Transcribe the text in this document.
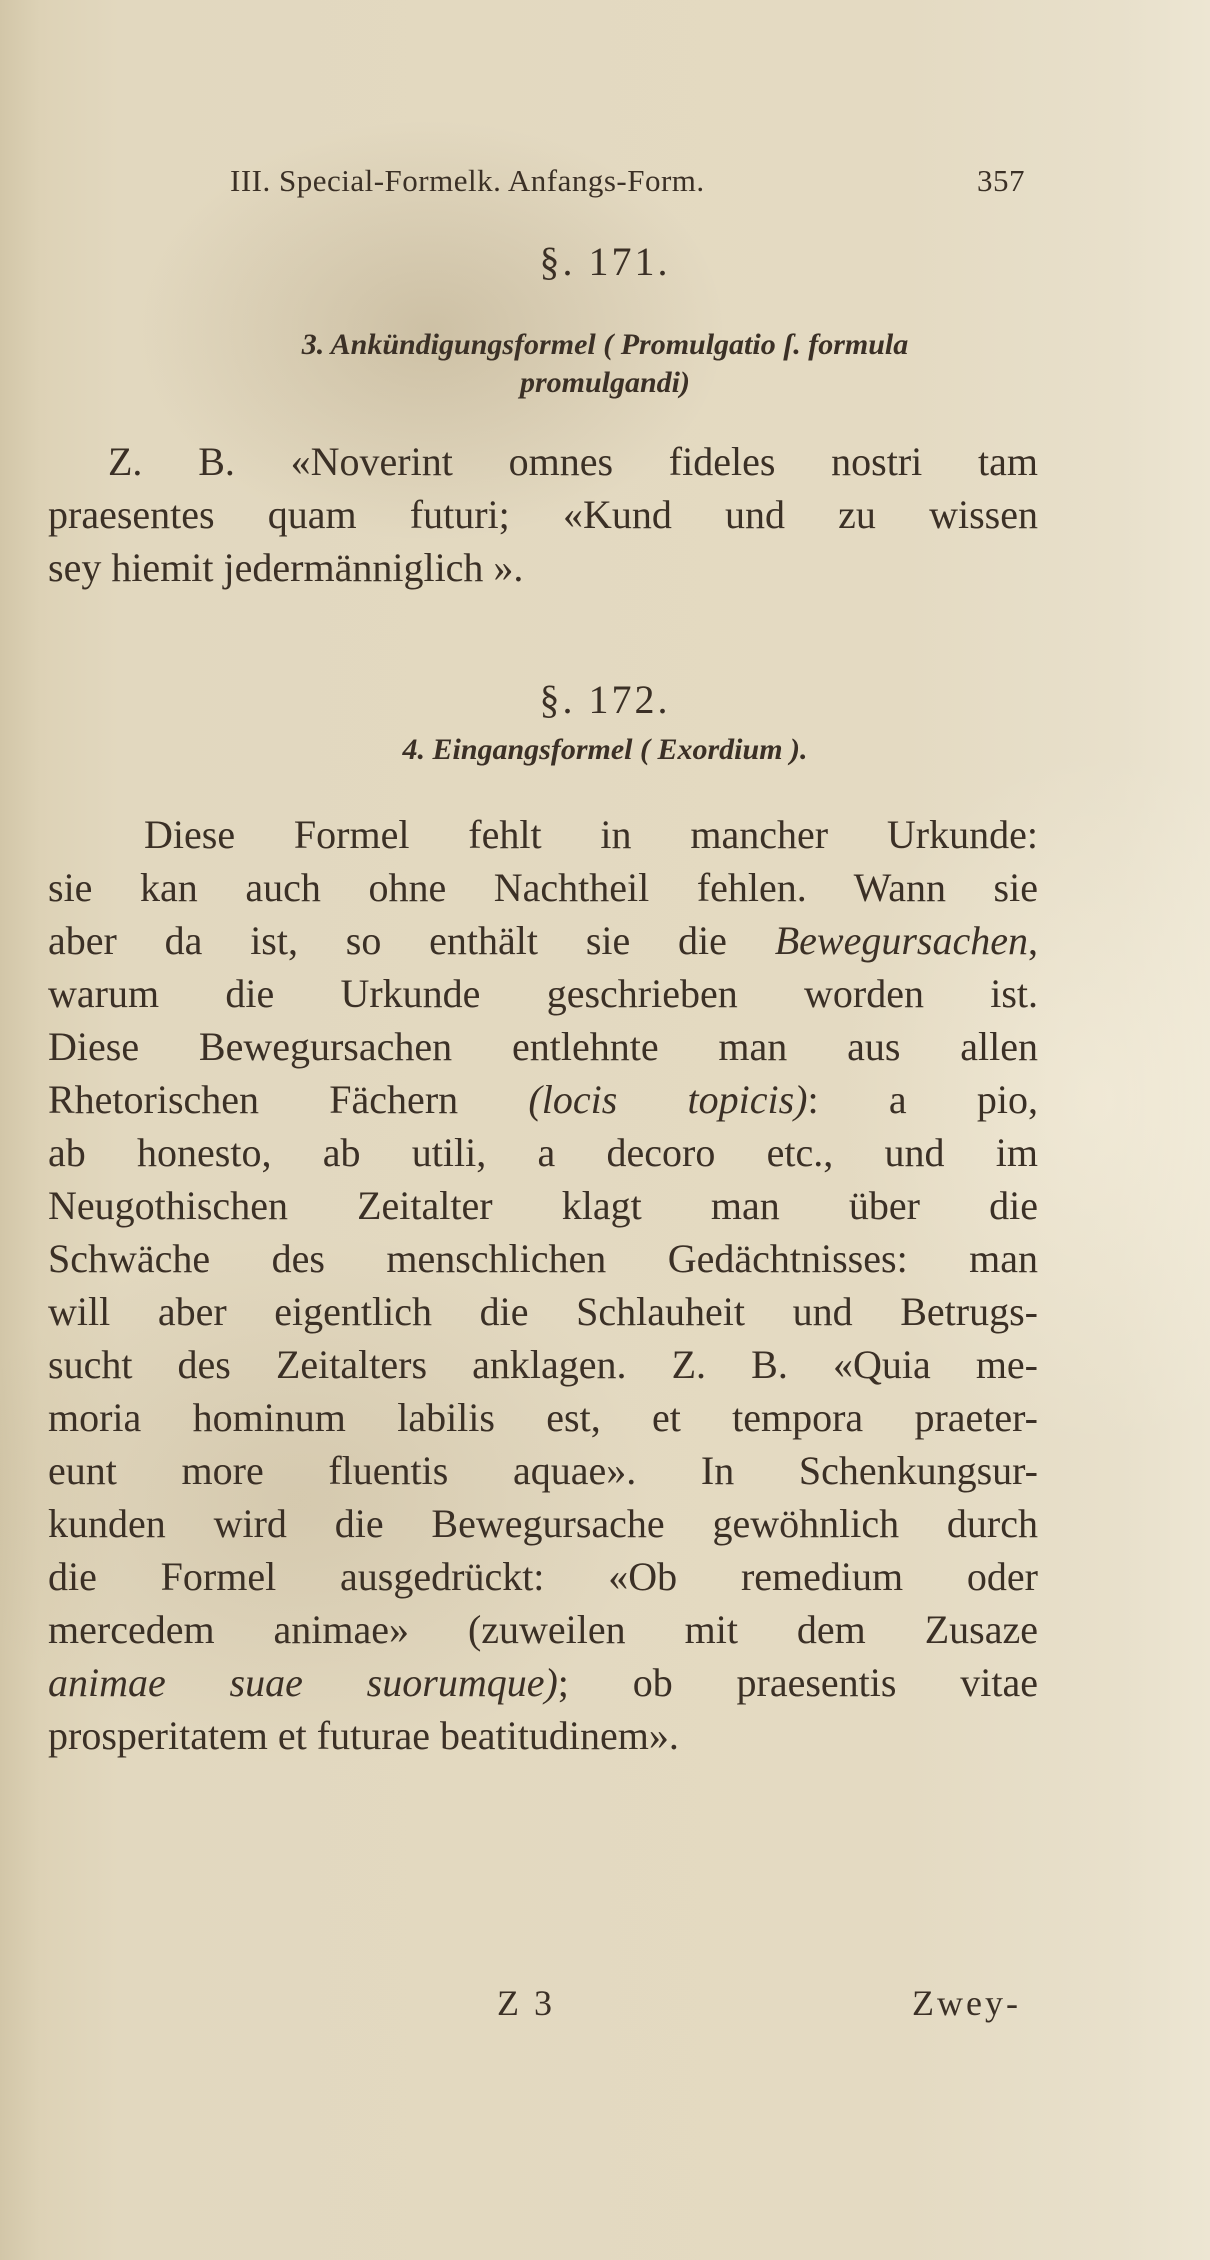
III. Special-Formelk. Anfangs-Form.	357
§. 171.
3. Ankündigungsformel ( Promulgatio ſ. formula
promulgandi)
Z. B. «Noverint omnes fideles nostri tam
praesentes quam futuri; «Kund und zu wissen
sey hiemit jedermänniglich ».
§. 172.
4. Eingangsformel ( Exordium ).
Diese Formel fehlt in mancher Urkunde:
sie kan auch ohne Nachtheil fehlen. Wann sie
aber da ist, so enthält sie die Bewegursachen,
warum die Urkunde geschrieben worden ist.
Diese Bewegursachen entlehnte man aus allen
Rhetorischen Fächern (locis topicis): a pio,
ab honesto, ab utili, a decoro etc., und im
Neugothischen Zeitalter klagt man über die
Schwäche des menschlichen Gedächtnisses: man
will aber eigentlich die Schlauheit und Betrugs-
sucht des Zeitalters anklagen. Z. B. «Quia me-
moria hominum labilis est, et tempora praeter-
eunt more fluentis aquae». In Schenkungsur-
kunden wird die Bewegursache gewöhnlich durch
die Formel ausgedrückt: «Ob remedium oder
mercedem animae» (zuweilen mit dem Zusaze
animae suae suorumque); ob praesentis vitae
prosperitatem et futurae beatitudinem».
Z 3	Zwey-
